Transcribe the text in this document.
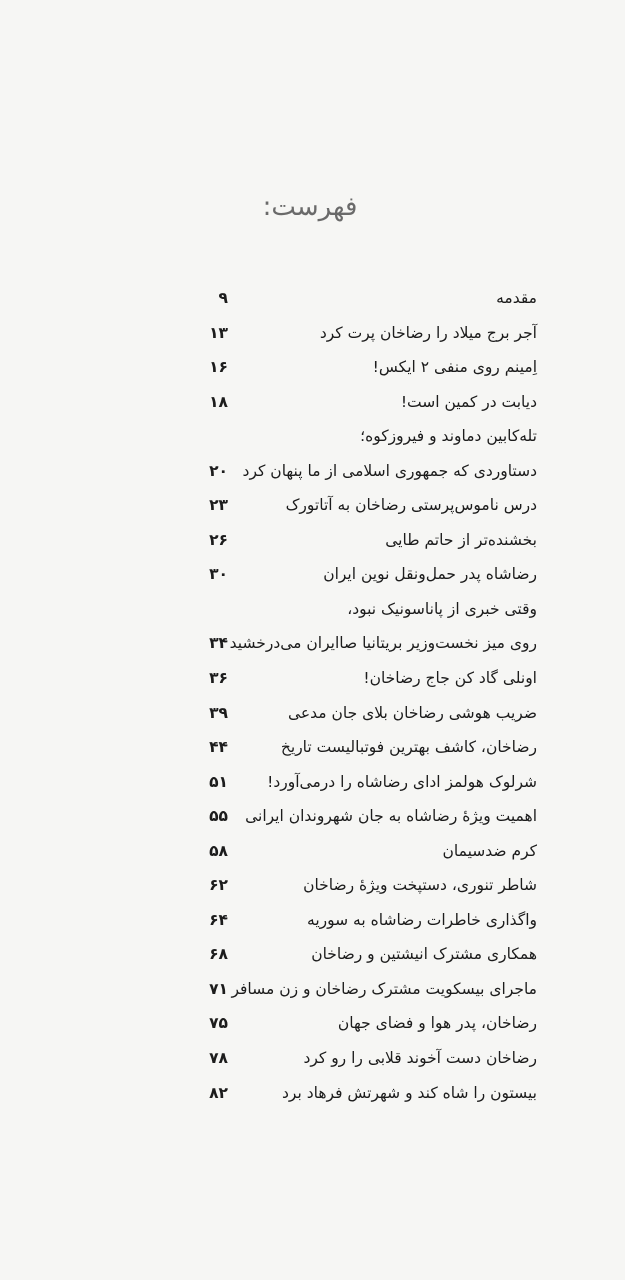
فهرست:
مقدمه
۹
آجر برج میلاد را رضاخان پرت کرد
۱۳
اِمینم روی منفی ۲ ایکس!
۱۶
دیابت در کمین است!
۱۸
تله‌کابین دماوند و فیروزکوه؛
دستاوردی که جمهوری اسلامی از ما پنهان کرد
۲۰
درس ناموس‌پرستی رضاخان به آتاتورک
۲۳
بخشنده‌تر از حاتم طایی
۲۶
رضاشاه پدر حمل‌ونقل نوین ایران
۳۰
وقتی خبری از پاناسونیک نبود،
روی میز نخست‌وزیر بریتانیا صاایران می‌درخشید
۳۴
اونلی گاد کن جاج رضاخان!
۳۶
ضریب هوشی رضاخان بلای جان مدعی
۳۹
رضاخان، کاشف بهترین فوتبالیست تاریخ
۴۴
شرلوک هولمز ادای رضاشاه را درمی‌آورد!
۵۱
اهمیت ویژهٔ رضاشاه به جان شهروندان ایرانی
۵۵
کرم ضدسیمان
۵۸
شاطر تنوری، دستپخت ویژهٔ رضاخان
۶۲
واگذاری خاطرات رضاشاه به سوریه
۶۴
همکاری مشترک انیشتین و رضاخان
۶۸
ماجرای بیسکویت مشترک رضاخان و زن مسافر
۷۱
رضاخان، پدر هوا و فضای جهان
۷۵
رضاخان دست آخوند قلابی را رو کرد
۷۸
بیستون را شاه کند و شهرتش فرهاد برد
۸۲
